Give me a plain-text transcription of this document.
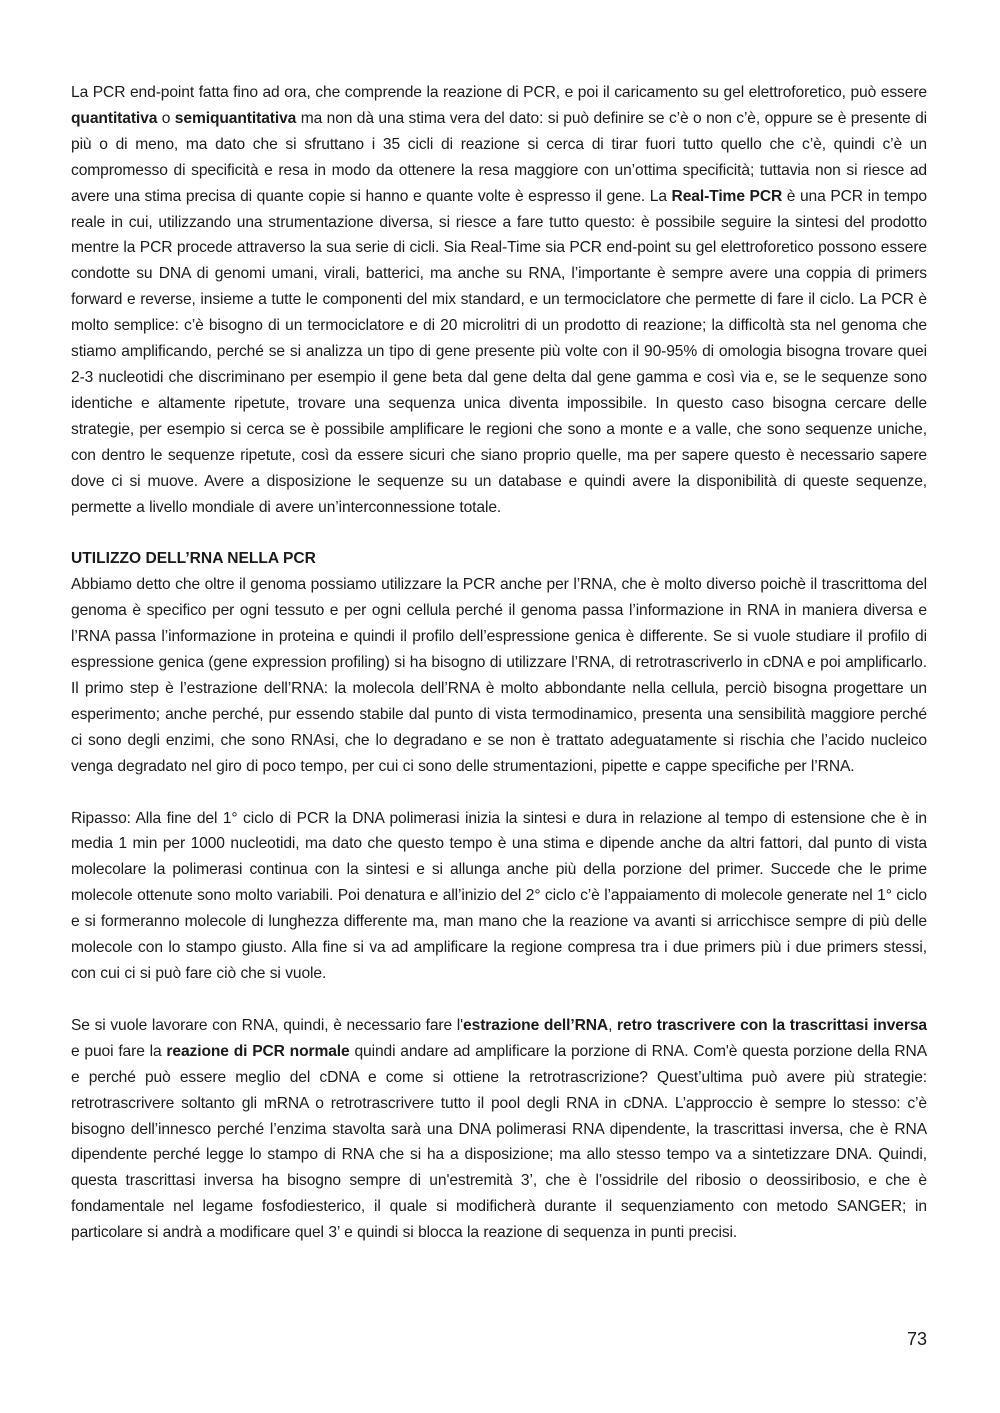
La PCR end-point fatta fino ad ora, che comprende la reazione di PCR, e poi il caricamento su gel elettroforetico, può essere quantitativa o semiquantitativa ma non dà una stima vera del dato: si può definire se c’è o non c’è, oppure se è presente di più o di meno, ma dato che si sfruttano i 35 cicli di reazione si cerca di tirar fuori tutto quello che c’è, quindi c’è un compromesso di specificità e resa in modo da ottenere la resa maggiore con un’ottima specificità; tuttavia non si riesce ad avere una stima precisa di quante copie si hanno e quante volte è espresso il gene. La Real-Time PCR è una PCR in tempo reale in cui, utilizzando una strumentazione diversa, si riesce a fare tutto questo: è possibile seguire la sintesi del prodotto mentre la PCR procede attraverso la sua serie di cicli. Sia Real-Time sia PCR end-point su gel elettroforetico possono essere condotte su DNA di genomi umani, virali, batterici, ma anche su RNA, l’importante è sempre avere una coppia di primers forward e reverse, insieme a tutte le componenti del mix standard, e un termociclatore che permette di fare il ciclo. La PCR è molto semplice: c’è bisogno di un termociclatore e di 20 microlitri di un prodotto di reazione; la difficoltà sta nel genoma che stiamo amplificando, perché se si analizza un tipo di gene presente più volte con il 90-95% di omologia bisogna trovare quei 2-3 nucleotidi che discriminano per esempio il gene beta dal gene delta dal gene gamma e così via e, se le sequenze sono identiche e altamente ripetute, trovare una sequenza unica diventa impossibile. In questo caso bisogna cercare delle strategie, per esempio si cerca se è possibile amplificare le regioni che sono a monte e a valle, che sono sequenze uniche, con dentro le sequenze ripetute, così da essere sicuri che siano proprio quelle, ma per sapere questo è necessario sapere dove ci si muove. Avere a disposizione le sequenze su un database e quindi avere la disponibilità di queste sequenze, permette a livello mondiale di avere un’interconnessione totale.

UTILIZZO DELL’RNA NELLA PCR

Abbiamo detto che oltre il genoma possiamo utilizzare la PCR anche per l’RNA, che è molto diverso poichè il trascrittoma del genoma è specifico per ogni tessuto e per ogni cellula perché il genoma passa l’informazione in RNA in maniera diversa e l’RNA passa l’informazione in proteina e quindi il profilo dell’espressione genica è differente. Se si vuole studiare il profilo di espressione genica (gene expression profiling) si ha bisogno di utilizzare l’RNA, di retrotrascriverlo in cDNA e poi amplificarlo. Il primo step è l’estrazione dell’RNA: la molecola dell’RNA è molto abbondante nella cellula, perciò bisogna progettare un esperimento; anche perché, pur essendo stabile dal punto di vista termodinamico, presenta una sensibilità maggiore perché ci sono degli enzimi, che sono RNAsi, che lo degradano e se non è trattato adeguatamente si rischia che l’acido nucleico venga degradato nel giro di poco tempo, per cui ci sono delle strumentazioni, pipette e cappe specifiche per l’RNA.

Ripasso: Alla fine del 1° ciclo di PCR la DNA polimerasi inizia la sintesi e dura in relazione al tempo di estensione che è in media 1 min per 1000 nucleotidi, ma dato che questo tempo è una stima e dipende anche da altri fattori, dal punto di vista molecolare la polimerasi continua con la sintesi e si allunga anche più della porzione del primer. Succede che le prime molecole ottenute sono molto variabili. Poi denatura e all’inizio del 2° ciclo c’è l’appaiamento di molecole generate nel 1° ciclo e si formeranno molecole di lunghezza differente ma, man mano che la reazione va avanti si arricchisce sempre di più delle molecole con lo stampo giusto. Alla fine si va ad amplificare la regione compresa tra i due primers più i due primers stessi, con cui ci si può fare ciò che si vuole.

Se si vuole lavorare con RNA, quindi, è necessario fare l'estrazione dell’RNA, retro trascrivere con la trascrittasi inversa e puoi fare la reazione di PCR normale quindi andare ad amplificare la porzione di RNA. Com'è questa porzione della RNA e perché può essere meglio del cDNA e come si ottiene la retrotrascrizione? Quest’ultima può avere più strategie: retrotrascrivere soltanto gli mRNA o retrotrascrivere tutto il pool degli RNA in cDNA. L’approccio è sempre lo stesso: c’è bisogno dell’innesco perché l’enzima stavolta sarà una DNA polimerasi RNA dipendente, la trascrittasi inversa, che è RNA dipendente perché legge lo stampo di RNA che si ha a disposizione; ma allo stesso tempo va a sintetizzare DNA. Quindi, questa trascrittasi inversa ha bisogno sempre di un'estremità 3’, che è l’ossidrile del ribosio o deossiribosio, e che è fondamentale nel legame fosfodiesterico, il quale si modificherà durante il sequenziamento con metodo SANGER; in particolare si andrà a modificare quel 3’ e quindi si blocca la reazione di sequenza in punti precisi.

73
